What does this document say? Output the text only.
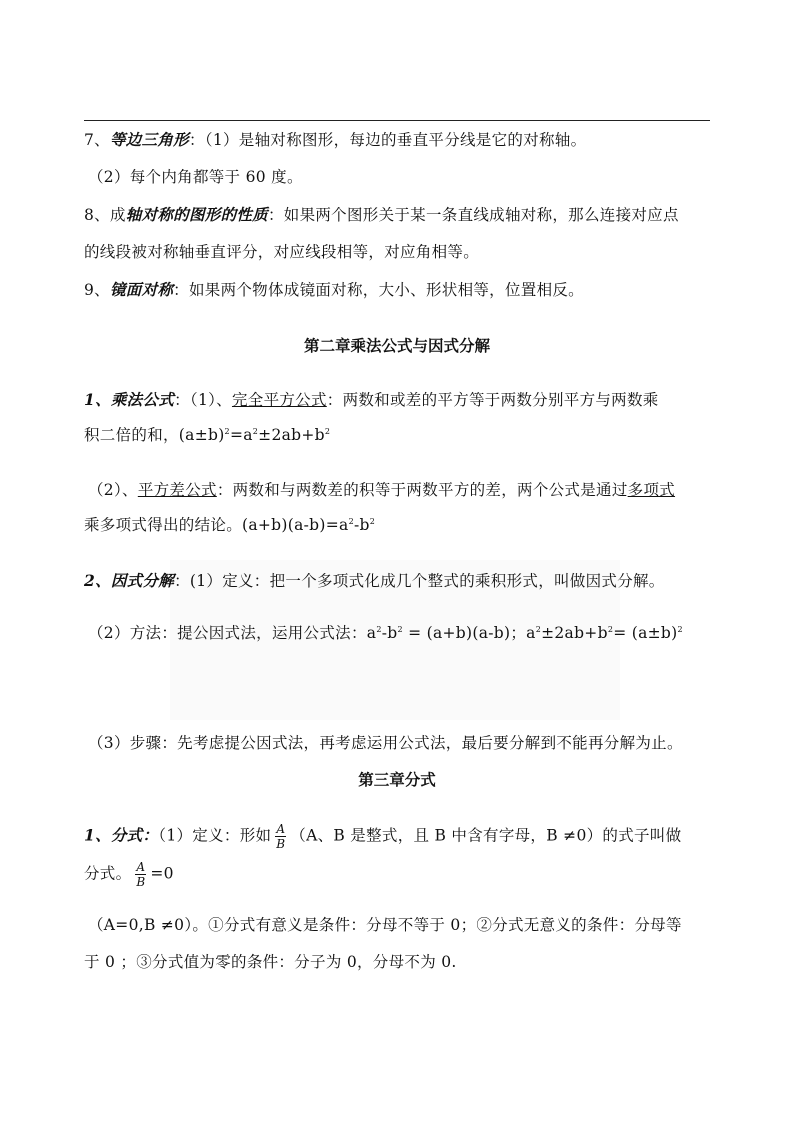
7、等边三角形：（1）是轴对称图形，每边的垂直平分线是它的对称轴。
（2）每个内角都等于 60 度。
8、成轴对称的图形的性质：如果两个图形关于某一条直线成轴对称，那么连接对应点
的线段被对称轴垂直评分，对应线段相等，对应角相等。
9、镜面对称：如果两个物体成镜面对称，大小、形状相等，位置相反。
第二章乘法公式与因式分解
1、乘法公式：（1）、完全平方公式：两数和或差的平方等于两数分别平方与两数乘
积二倍的和，$(a\pm b)^2=a^2\pm 2ab+b^2$
（2）、平方差公式：两数和与两数差的积等于两数平方的差，两个公式是通过多项式
乘多项式得出的结论。$(a+b)(a-b)=a^2-b^2$
2、因式分解：(1）定义：把一个多项式化成几个整式的乘积形式，叫做因式分解。
（2）方法：提公因式法，运用公式法：$a^2-b^2 = (a+b)(a-b)$；$a^2\pm 2ab+b^2= (a\pm b)^2$
（3）步骤：先考虑提公因式法，再考虑运用公式法，最后要分解到不能再分解为止。
第三章分式
1、分式：（1）定义：形如 $\frac{A}{B} (A$、B 是整式，且 B 中含有字母，B ≠0）的式子叫做
分式。 $\frac{A}{B} =0$
（A=0,B ≠0）。①分式有意义是条件：分母不等于 0；②分式无意义的条件：分母等
于 0 ；③分式值为零的条件：分子为 0，分母不为 0.
